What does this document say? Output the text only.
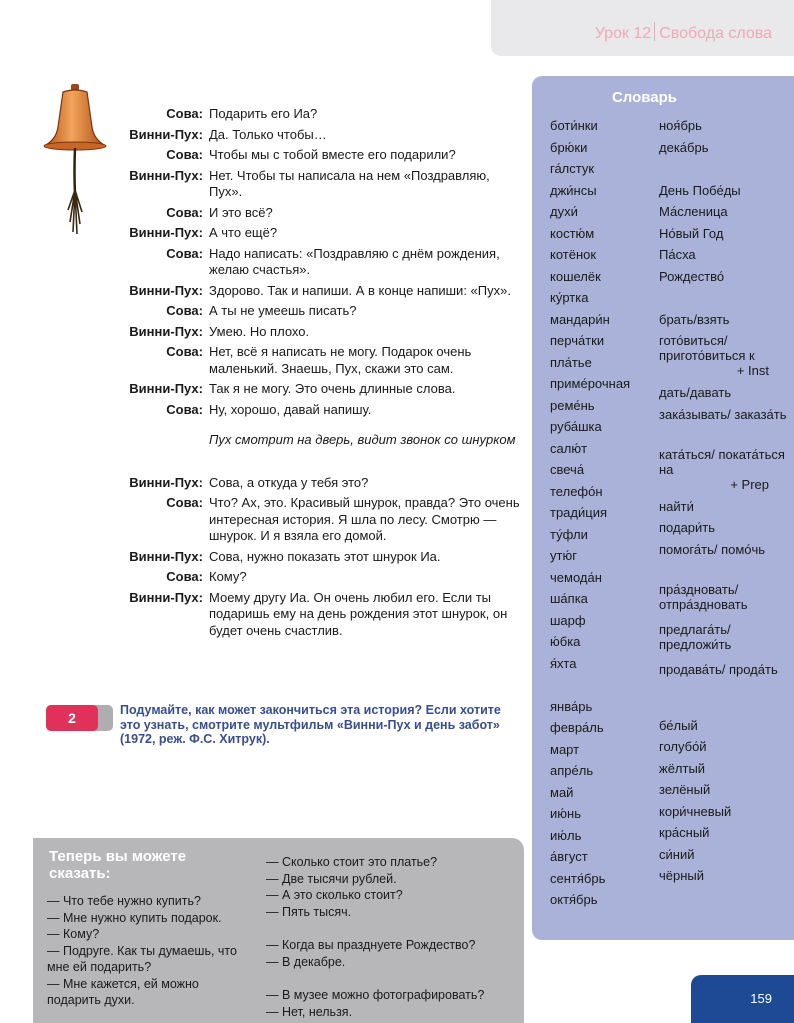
Урок 12 Свобода слова
Сова: Подарить его Иа?
Винни-Пух: Да. Только чтобы…
Сова: Чтобы мы с тобой вместе его подарили?
Винни-Пух: Нет. Чтобы ты написала на нем «Поздравляю, Пух».
Сова: И это всё?
Винни-Пух: А что ещё?
Сова: Надо написать: «Поздравляю с днём рождения, желаю счастья».
Винни-Пух: Здорово. Так и напиши. А в конце напиши: «Пух».
Сова: А ты не умеешь писать?
Винни-Пух: Умею. Но плохо.
Сова: Нет, всё я написать не могу. Подарок очень маленький. Знаешь, Пух, скажи это сам.
Винни-Пух: Так я не могу. Это очень длинные слова.
Сова: Ну, хорошо, давай напишу.
Пух смотрит на дверь, видит звонок со шнурком
Винни-Пух: Сова, а откуда у тебя это?
Сова: Что? Ах, это. Красивый шнурок, правда? Это очень интересная история. Я шла по лесу. Смотрю — шнурок. И я взяла его домой.
Винни-Пух: Сова, нужно показать этот шнурок Иа.
Сова: Кому?
Винни-Пух: Моему другу Иа. Он очень любил его. Если ты подаришь ему на день рождения этот шнурок, он будет очень счастлив.
2	Подумайте, как может закончиться эта история? Если хотите это узнать, смотрите мультфильм «Винни-Пух и день забот» (1972, реж. Ф.С. Хитрук).
Теперь вы можете сказать:
— Что тебе нужно купить?
— Мне нужно купить подарок.
— Кому?
— Подруге. Как ты думаешь, что мне ей подарить?
— Мне кажется, ей можно подарить духи.
— Сколько стоит это платье?
— Две тысячи рублей.
— А это сколько стоит?
— Пять тысяч.
— Когда вы празднуете Рождество?
— В декабре.
— В музее можно фотографировать?
— Нет, нельзя.
Словарь
боти́нки
брю́ки
га́лстук
джи́нсы
духи́
костю́м
котёнок
кошелёк
ку́ртка
мандари́н
перча́тки
пла́тье
приме́рочная
реме́нь
руба́шка
салю́т
свеча́
телефо́н
тради́ция
ту́фли
утю́г
чемода́н
ша́пка
шарф
ю́бка
я́хта
янва́рь
февра́ль
март
апре́ль
май
ию́нь
ию́ль
а́вгуст
сентя́брь
октя́брь
ноя́брь
дека́брь
День Побе́ды
Ма́сленица
Но́вый Год
Па́сха
Рождество́
брать/взять
гото́виться/ пригото́виться к
+ Inst
дать/давать
зака́зывать/ заказа́ть
ката́ться/ поката́ться на
+ Prep
найти́
подари́ть
помога́ть/ помо́чь
пра́здновать/ отпра́здновать
предлага́ть/ предложи́ть
продава́ть/ прода́ть
бе́лый
голубо́й
жёлтый
зелёный
кори́чневый
кра́сный
си́ний
чёрный
159
